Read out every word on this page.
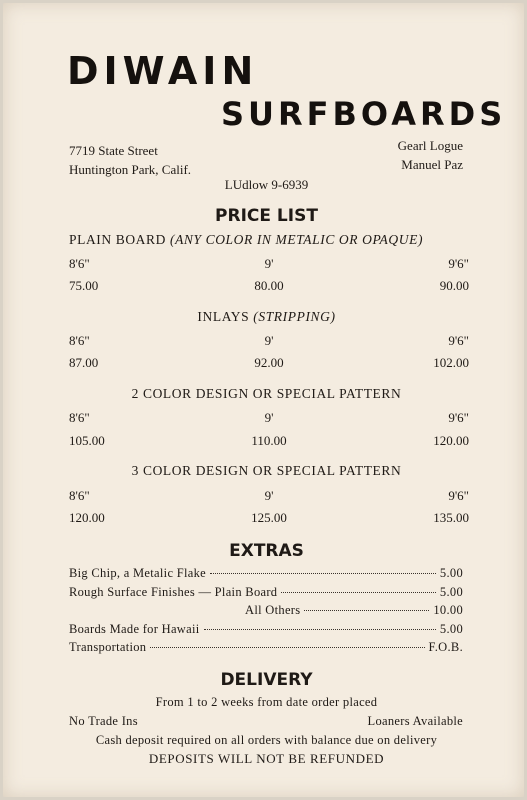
DIWAIN
SURFBOARDS
7719 State Street
Huntington Park, Calif.
Gearl Logue
Manuel Paz
LUdlow 9-6939
PRICE LIST
PLAIN BOARD (ANY COLOR IN METALIC OR OPAQUE)
8'6"	9'	9'6"
75.00	80.00	90.00
INLAYS (STRIPPING)
8'6"	9'	9'6"
87.00	92.00	102.00
2 COLOR DESIGN OR SPECIAL PATTERN
8'6"	9'	9'6"
105.00	110.00	120.00
3 COLOR DESIGN OR SPECIAL PATTERN
8'6"	9'	9'6"
120.00	125.00	135.00
EXTRAS
Big Chip, a Metalic Flake	5.00
Rough Surface Finishes — Plain Board	5.00
All Others	10.00
Boards Made for Hawaii	5.00
Transportation	F.O.B.
DELIVERY
From 1 to 2 weeks from date order placed
No Trade Ins	Loaners Available
Cash deposit required on all orders with balance due on delivery
DEPOSITS WILL NOT BE REFUNDED
